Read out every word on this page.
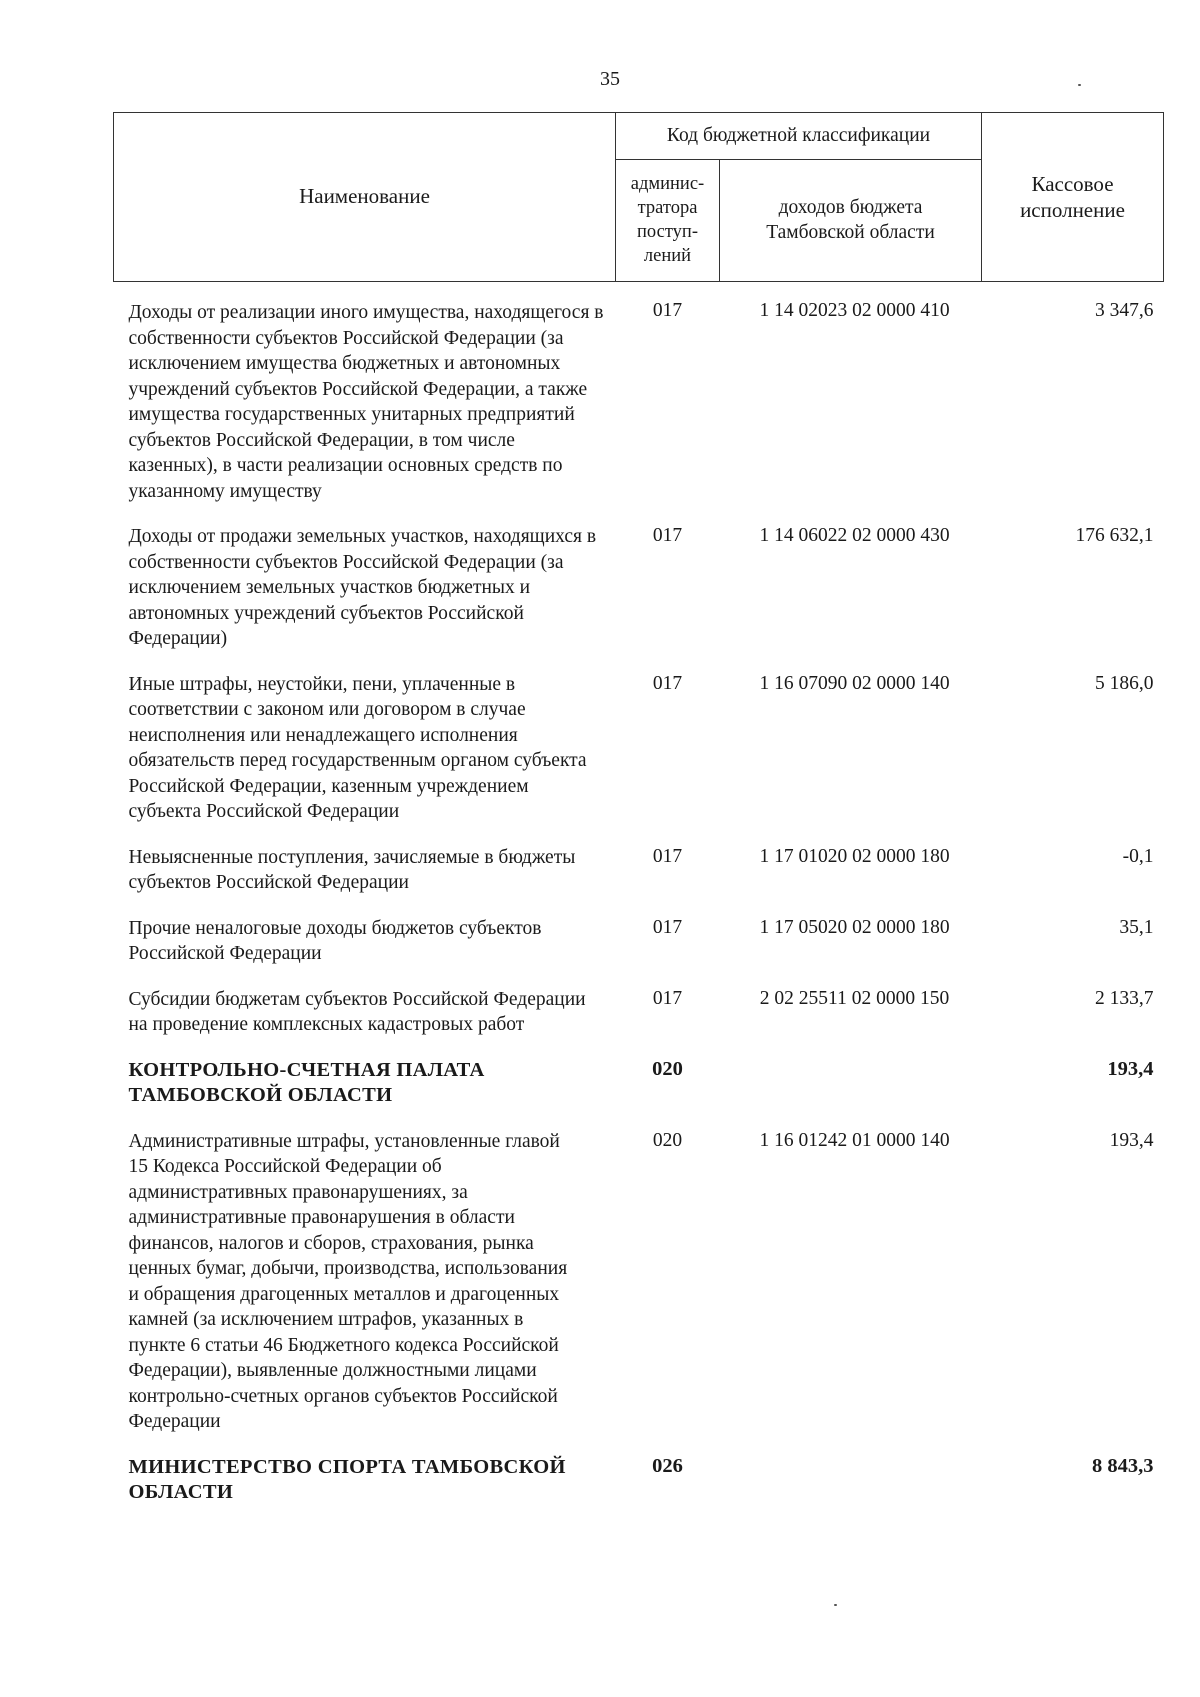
35
Наименование	Код бюджетной классификации		Кассовое исполнение

	админис-тратора поступ-лений	доходов бюджета Тамбовской области	

Доходы от реализации иного имущества, находящегося в собственности субъектов Российской Федерации (за исключением имущества бюджетных и автономных учреждений субъектов Российской Федерации, а также имущества государственных унитарных предприятий субъектов Российской Федерации, в том числе казенных), в части реализации основных средств по указанному имуществу	017	1 14 02023 02 0000 410	3 347,6
Доходы от продажи земельных участков, находящихся в собственности субъектов Российской Федерации (за исключением земельных участков бюджетных и автономных учреждений субъектов Российской Федерации)	017	1 14 06022 02 0000 430	176 632,1
Иные штрафы, неустойки, пени, уплаченные в соответствии с законом или договором в случае неисполнения или ненадлежащего исполнения обязательств перед государственным органом субъекта Российской Федерации, казенным учреждением субъекта Российской Федерации	017	1 16 07090 02 0000 140	5 186,0
Невыясненные поступления, зачисляемые в бюджеты субъектов Российской Федерации	017	1 17 01020 02 0000 180	-0,1
Прочие неналоговые доходы бюджетов субъектов Российской Федерации	017	1 17 05020 02 0000 180	35,1
Субсидии бюджетам субъектов Российской Федерации на проведение комплексных кадастровых работ	017	2 02 25511 02 0000 150	2 133,7
КОНТРОЛЬНО-СЧЕТНАЯ ПАЛАТА ТАМБОВСКОЙ ОБЛАСТИ	020		193,4
Административные штрафы, установленные главой 15 Кодекса Российской Федерации об административных правонарушениях, за административные правонарушения в области финансов, налогов и сборов, страхования, рынка ценных бумаг, добычи, производства, использования и обращения драгоценных металлов и драгоценных камней (за исключением штрафов, указанных в пункте 6 статьи 46 Бюджетного кодекса Российской Федерации), выявленные должностными лицами контрольно-счетных органов субъектов Российской Федерации	020	1 16 01242 01 0000 140	193,4
МИНИСТЕРСТВО СПОРТА ТАМБОВСКОЙ ОБЛАСТИ	026		8 843,3
